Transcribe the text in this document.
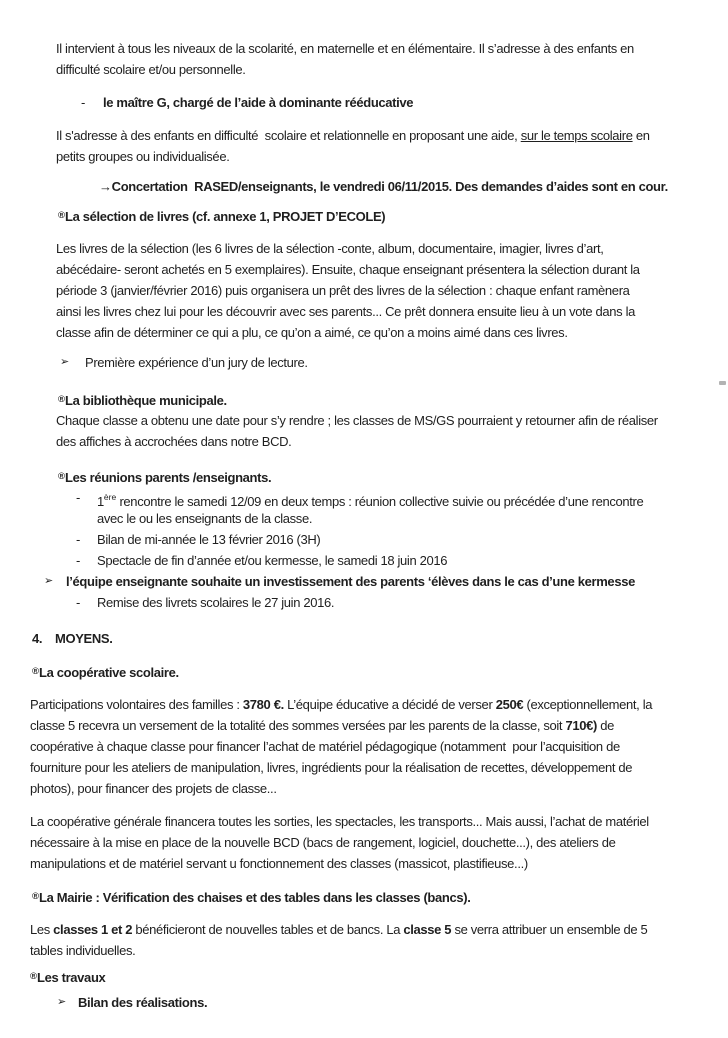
Il intervient à tous les niveaux de la scolarité, en maternelle et en élémentaire. Il s’adresse à des enfants en
difficulté scolaire et/ou personnelle.
- le maître G, chargé de l’aide à dominante rééducative
Il s'adresse à des enfants en difficulté  scolaire et relationnelle en proposant une aide, sur le temps scolaire en
petits groupes ou individualisée.
→Concertation  RASED/enseignants, le vendredi 06/11/2015. Des demandes d’aides sont en cour.
®La sélection de livres (cf. annexe 1, PROJET D’ECOLE)
Les livres de la sélection (les 6 livres de la sélection -conte, album, documentaire, imagier, livres d’art,
abécédaire- seront achetés en 5 exemplaires). Ensuite, chaque enseignant présentera la sélection durant la
période 3 (janvier/février 2016) puis organisera un prêt des livres de la sélection : chaque enfant ramènera
ainsi les livres chez lui pour les découvrir avec ses parents... Ce prêt donnera ensuite lieu à un vote dans la
classe afin de déterminer ce qui a plu, ce qu’on a aimé, ce qu’on a moins aimé dans ces livres.
➢ Première expérience d’un jury de lecture.
®La bibliothèque municipale.
Chaque classe a obtenu une date pour s’y rendre ; les classes de MS/GS pourraient y retourner afin de réaliser
des affiches à accrochées dans notre BCD.
®Les réunions parents /enseignants.
- 1ère rencontre le samedi 12/09 en deux temps : réunion collective suivie ou précédée d’une rencontre
avec le ou les enseignants de la classe.
- Bilan de mi-année le 13 février 2016 (3H)
- Spectacle de fin d’année et/ou kermesse, le samedi 18 juin 2016
➢ l’équipe enseignante souhaite un investissement des parents ‘élèves dans le cas d’une kermesse
- Remise des livrets scolaires le 27 juin 2016.
4. MOYENS.
®La coopérative scolaire.
Participations volontaires des familles : 3780 €. L’équipe éducative a décidé de verser 250€ (exceptionnellement, la
classe 5 recevra un versement de la totalité des sommes versées par les parents de la classe, soit 710€) de
coopérative à chaque classe pour financer l’achat de matériel pédagogique (notamment  pour l’acquisition de
fourniture pour les ateliers de manipulation, livres, ingrédients pour la réalisation de recettes, développement de
photos), pour financer des projets de classe...
La coopérative générale financera toutes les sorties, les spectacles, les transports... Mais aussi, l’achat de matériel
nécessaire à la mise en place de la nouvelle BCD (bacs de rangement, logiciel, douchette...), des ateliers de
manipulations et de matériel servant u fonctionnement des classes (massicot, plastifieuse...)
®La Mairie : Vérification des chaises et des tables dans les classes (bancs).
Les classes 1 et 2 bénéficieront de nouvelles tables et de bancs. La classe 5 se verra attribuer un ensemble de 5
tables individuelles.
®Les travaux
➢ Bilan des réalisations.
